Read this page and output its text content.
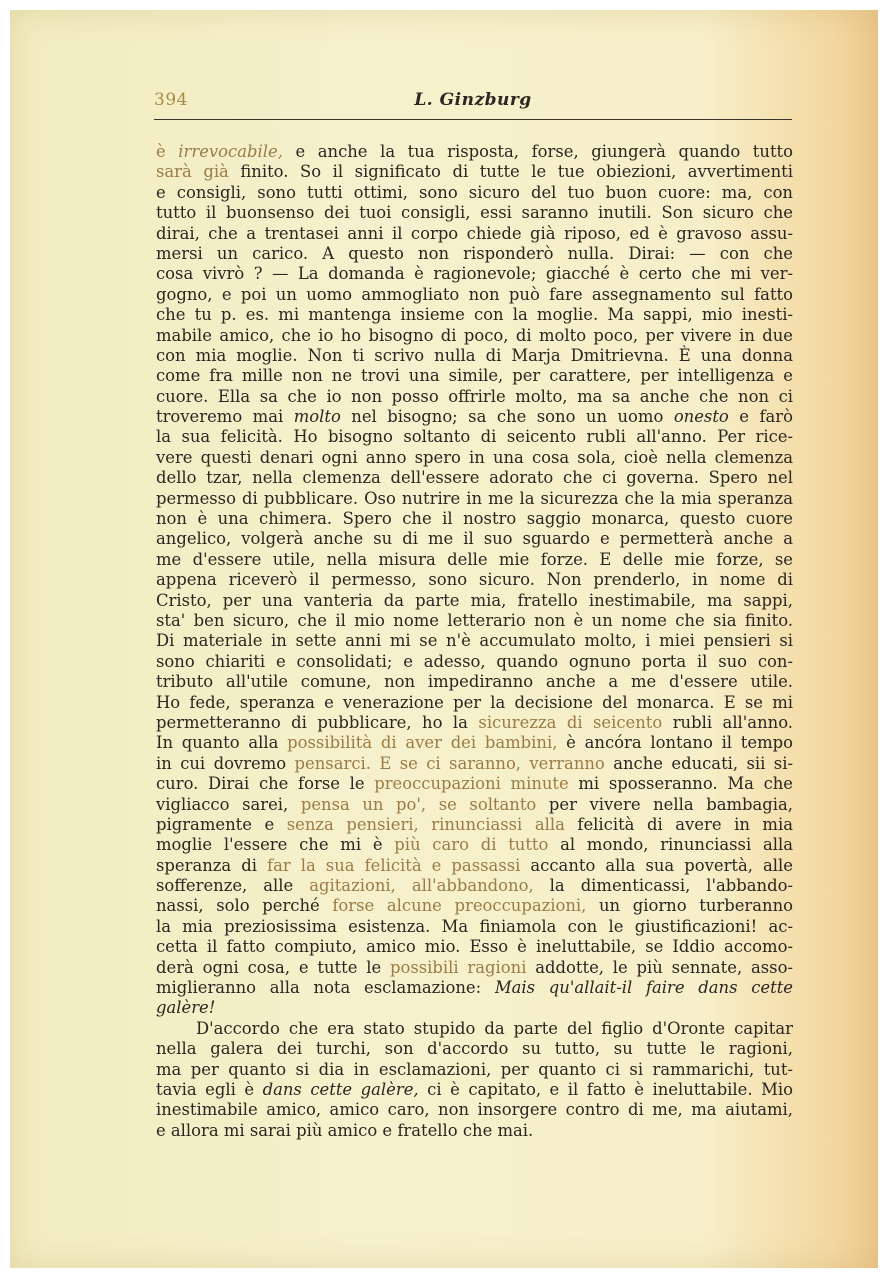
394	L. Ginzburg
è irrevocabile, e anche la tua risposta, forse, giungerà quando tutto
sarà già finito. So il significato di tutte le tue obiezioni, avvertimenti
e consigli, sono tutti ottimi, sono sicuro del tuo buon cuore: ma, con
tutto il buonsenso dei tuoi consigli, essi saranno inutili. Son sicuro che
dirai, che a trentasei anni il corpo chiede già riposo, ed è gravoso assu-
mersi un carico. A questo non risponderò nulla. Dirai: — con che
cosa vivrò ? — La domanda è ragionevole; giacché è certo che mi ver-
gogno, e poi un uomo ammogliato non può fare assegnamento sul fatto
che tu p. es. mi mantenga insieme con la moglie. Ma sappi, mio inesti-
mabile amico, che io ho bisogno di poco, di molto poco, per vivere in due
con mia moglie. Non ti scrivo nulla di Marja Dmitrievna. È una donna
come fra mille non ne trovi una simile, per carattere, per intelligenza e
cuore. Ella sa che io non posso offrirle molto, ma sa anche che non ci
troveremo mai molto nel bisogno; sa che sono un uomo onesto e farò
la sua felicità. Ho bisogno soltanto di seicento rubli all'anno. Per rice-
vere questi denari ogni anno spero in una cosa sola, cioè nella clemenza
dello tzar, nella clemenza dell'essere adorato che ci governa. Spero nel
permesso di pubblicare. Oso nutrire in me la sicurezza che la mia speranza
non è una chimera. Spero che il nostro saggio monarca, questo cuore
angelico, volgerà anche su di me il suo sguardo e permetterà anche a
me d'essere utile, nella misura delle mie forze. E delle mie forze, se
appena riceverò il permesso, sono sicuro. Non prenderlo, in nome di
Cristo, per una vanteria da parte mia, fratello inestimabile, ma sappi,
sta' ben sicuro, che il mio nome letterario non è un nome che sia finito.
Di materiale in sette anni mi se n'è accumulato molto, i miei pensieri si
sono chiariti e consolidati; e adesso, quando ognuno porta il suo con-
tributo all'utile comune, non impediranno anche a me d'essere utile.
Ho fede, speranza e venerazione per la decisione del monarca. E se mi
permetteranno di pubblicare, ho la sicurezza di seicento rubli all'anno.
In quanto alla possibilità di aver dei bambini, è ancóra lontano il tempo
in cui dovremo pensarci. E se ci saranno, verranno anche educati, sii si-
curo. Dirai che forse le preoccupazioni minute mi sposseranno. Ma che
vigliacco sarei, pensa un po', se soltanto per vivere nella bambagia,
pigramente e senza pensieri, rinunciassi alla felicità di avere in mia
moglie l'essere che mi è più caro di tutto al mondo, rinunciassi alla
speranza di far la sua felicità e passassi accanto alla sua povertà, alle
sofferenze, alle agitazioni, all'abbandono, la dimenticassi, l'abbando-
nassi, solo perché forse alcune preoccupazioni, un giorno turberanno
la mia preziosissima esistenza. Ma finiamola con le giustificazioni! ac-
cetta il fatto compiuto, amico mio. Esso è ineluttabile, se Iddio accomo-
derà ogni cosa, e tutte le possibili ragioni addotte, le più sennate, asso-
miglieranno alla nota esclamazione: Mais qu'allait-il faire dans cette
galère!
D'accordo che era stato stupido da parte del figlio d'Oronte capitar
nella galera dei turchi, son d'accordo su tutto, su tutte le ragioni,
ma per quanto si dia in esclamazioni, per quanto ci si rammarichi, tut-
tavia egli è dans cette galère, ci è capitato, e il fatto è ineluttabile. Mio
inestimabile amico, amico caro, non insorgere contro di me, ma aiutami,
e allora mi sarai più amico e fratello che mai.
